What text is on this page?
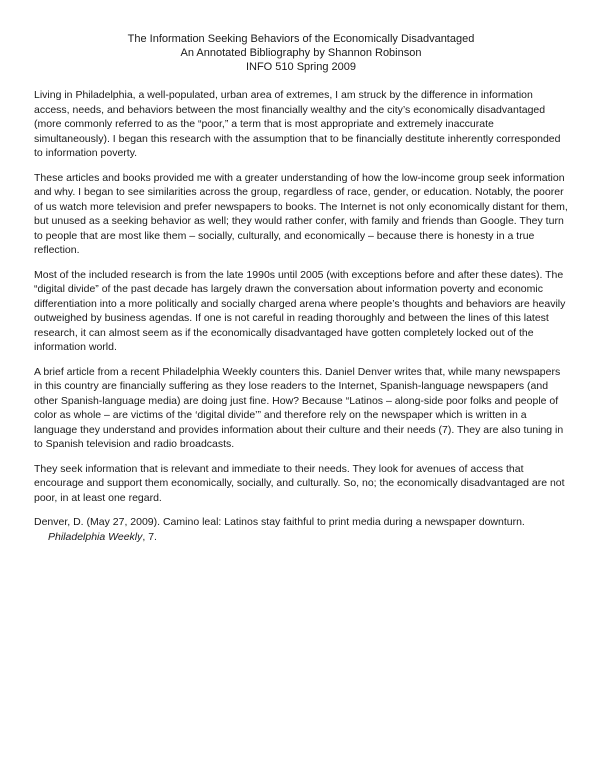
The Information Seeking Behaviors of the Economically Disadvantaged
An Annotated Bibliography by Shannon Robinson
INFO 510 Spring 2009

Living in Philadelphia, a well-populated, urban area of extremes, I am struck by the difference in information access, needs, and behaviors between the most financially wealthy and the city’s economically disadvantaged (more commonly referred to as the “poor,” a term that is most appropriate and extremely inaccurate simultaneously). I began this research with the assumption that to be financially destitute inherently corresponded to information poverty.

These articles and books provided me with a greater understanding of how the low-income group seek information and why. I began to see similarities across the group, regardless of race, gender, or education. Notably, the poorer of us watch more television and prefer newspapers to books. The Internet is not only economically distant for them, but unused as a seeking behavior as well; they would rather confer, with family and friends than Google. They turn to people that are most like them – socially, culturally, and economically – because there is honesty in a true reflection.

Most of the included research is from the late 1990s until 2005 (with exceptions before and after these dates). The “digital divide” of the past decade has largely drawn the conversation about information poverty and economic differentiation into a more politically and socially charged arena where people’s thoughts and behaviors are heavily outweighed by business agendas. If one is not careful in reading thoroughly and between the lines of this latest research, it can almost seem as if the economically disadvantaged have gotten completely locked out of the information world.

A brief article from a recent Philadelphia Weekly counters this. Daniel Denver writes that, while many newspapers in this country are financially suffering as they lose readers to the Internet, Spanish-language newspapers (and other Spanish-language media) are doing just fine. How? Because “Latinos – along-side poor folks and people of color as whole – are victims of the ‘digital divide’” and therefore rely on the newspaper which is written in a language they understand and provides information about their culture and their needs (7). They are also tuning in to Spanish television and radio broadcasts.

They seek information that is relevant and immediate to their needs. They look for avenues of access that encourage and support them economically, socially, and culturally. So, no; the economically disadvantaged are not poor, in at least one regard.

Denver, D. (May 27, 2009). Camino leal: Latinos stay faithful to print media during a newspaper downturn.
Philadelphia Weekly, 7.
